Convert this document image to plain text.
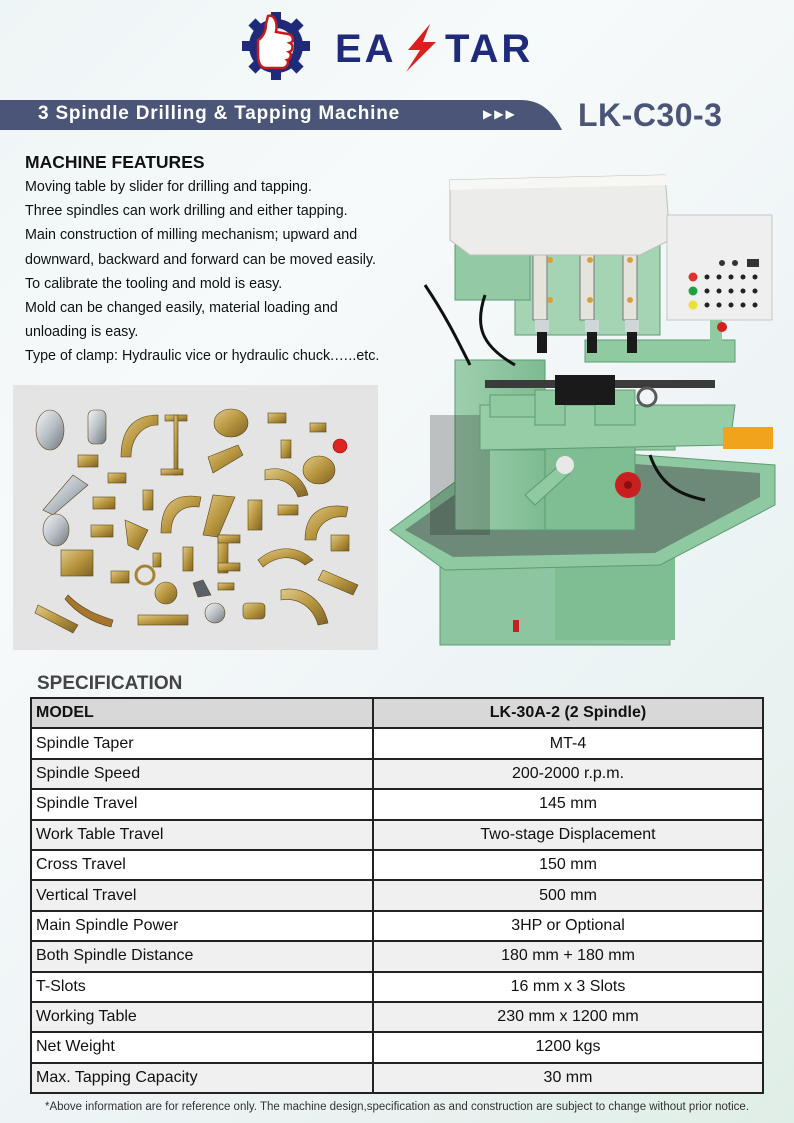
EA TAR
3 Spindle Drilling & Tapping Machine	▶▶▶ LK-C30-3
MACHINE FEATURES
Moving table by slider for drilling and tapping.
Three spindles can work drilling and either tapping.
Main construction of milling mechanism; upward and
downward, backward and forward can be moved easily.
To calibrate the tooling and mold is easy.
Mold can be changed easily, material loading and
unloading is easy.
Type of clamp: Hydraulic vice or hydraulic chuck.…..etc.
SPECIFICATION
MODEL	LK-30A-2 (2 Spindle)
Spindle Taper	MT-4
Spindle Speed	200-2000 r.p.m.
Spindle Travel	145 mm
Work Table Travel	Two-stage Displacement
Cross Travel	150 mm
Vertical Travel	500 mm
Main Spindle Power	3HP or Optional
Both Spindle Distance	180 mm + 180 mm
T-Slots	16 mm x 3 Slots
Working Table	230 mm x 1200 mm
Net Weight	1200 kgs
Max. Tapping Capacity	30 mm
*Above information are for reference only. The machine design,specification as and construction are subject to change without prior notice.
